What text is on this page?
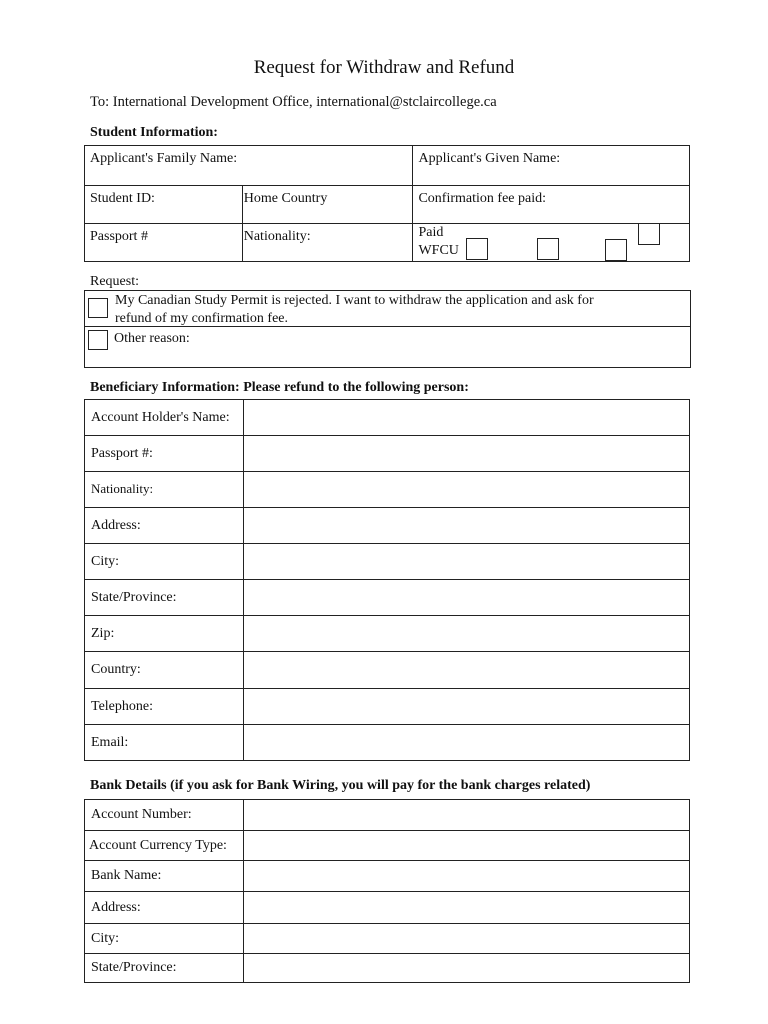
Request for Withdraw and Refund
To: International Development Office, international@stclaircollege.ca
Student Information:
Applicant's Family Name:		Applicant's Given Name:

Student ID:	Home Country	Confirmation fee paid:

Passport #	Nationality:	Paid
WFCU
Request:
My Canadian Study Permit is rejected. I want to withdraw the application and ask for
refund of my confirmation fee.
Other reason:
Beneficiary Information: Please refund to the following person:
Account Holder's Name:	
Passport #:	
Nationality:	
Address:	
City:	
State/Province:	
Zip:	
Country:	
Telephone:	
Email:	
Bank Details (if you ask for Bank Wiring, you will pay for the bank charges related)
Account Number:	
Account Currency Type:	
Bank Name:	
Address:	
City:	
State/Province:	
